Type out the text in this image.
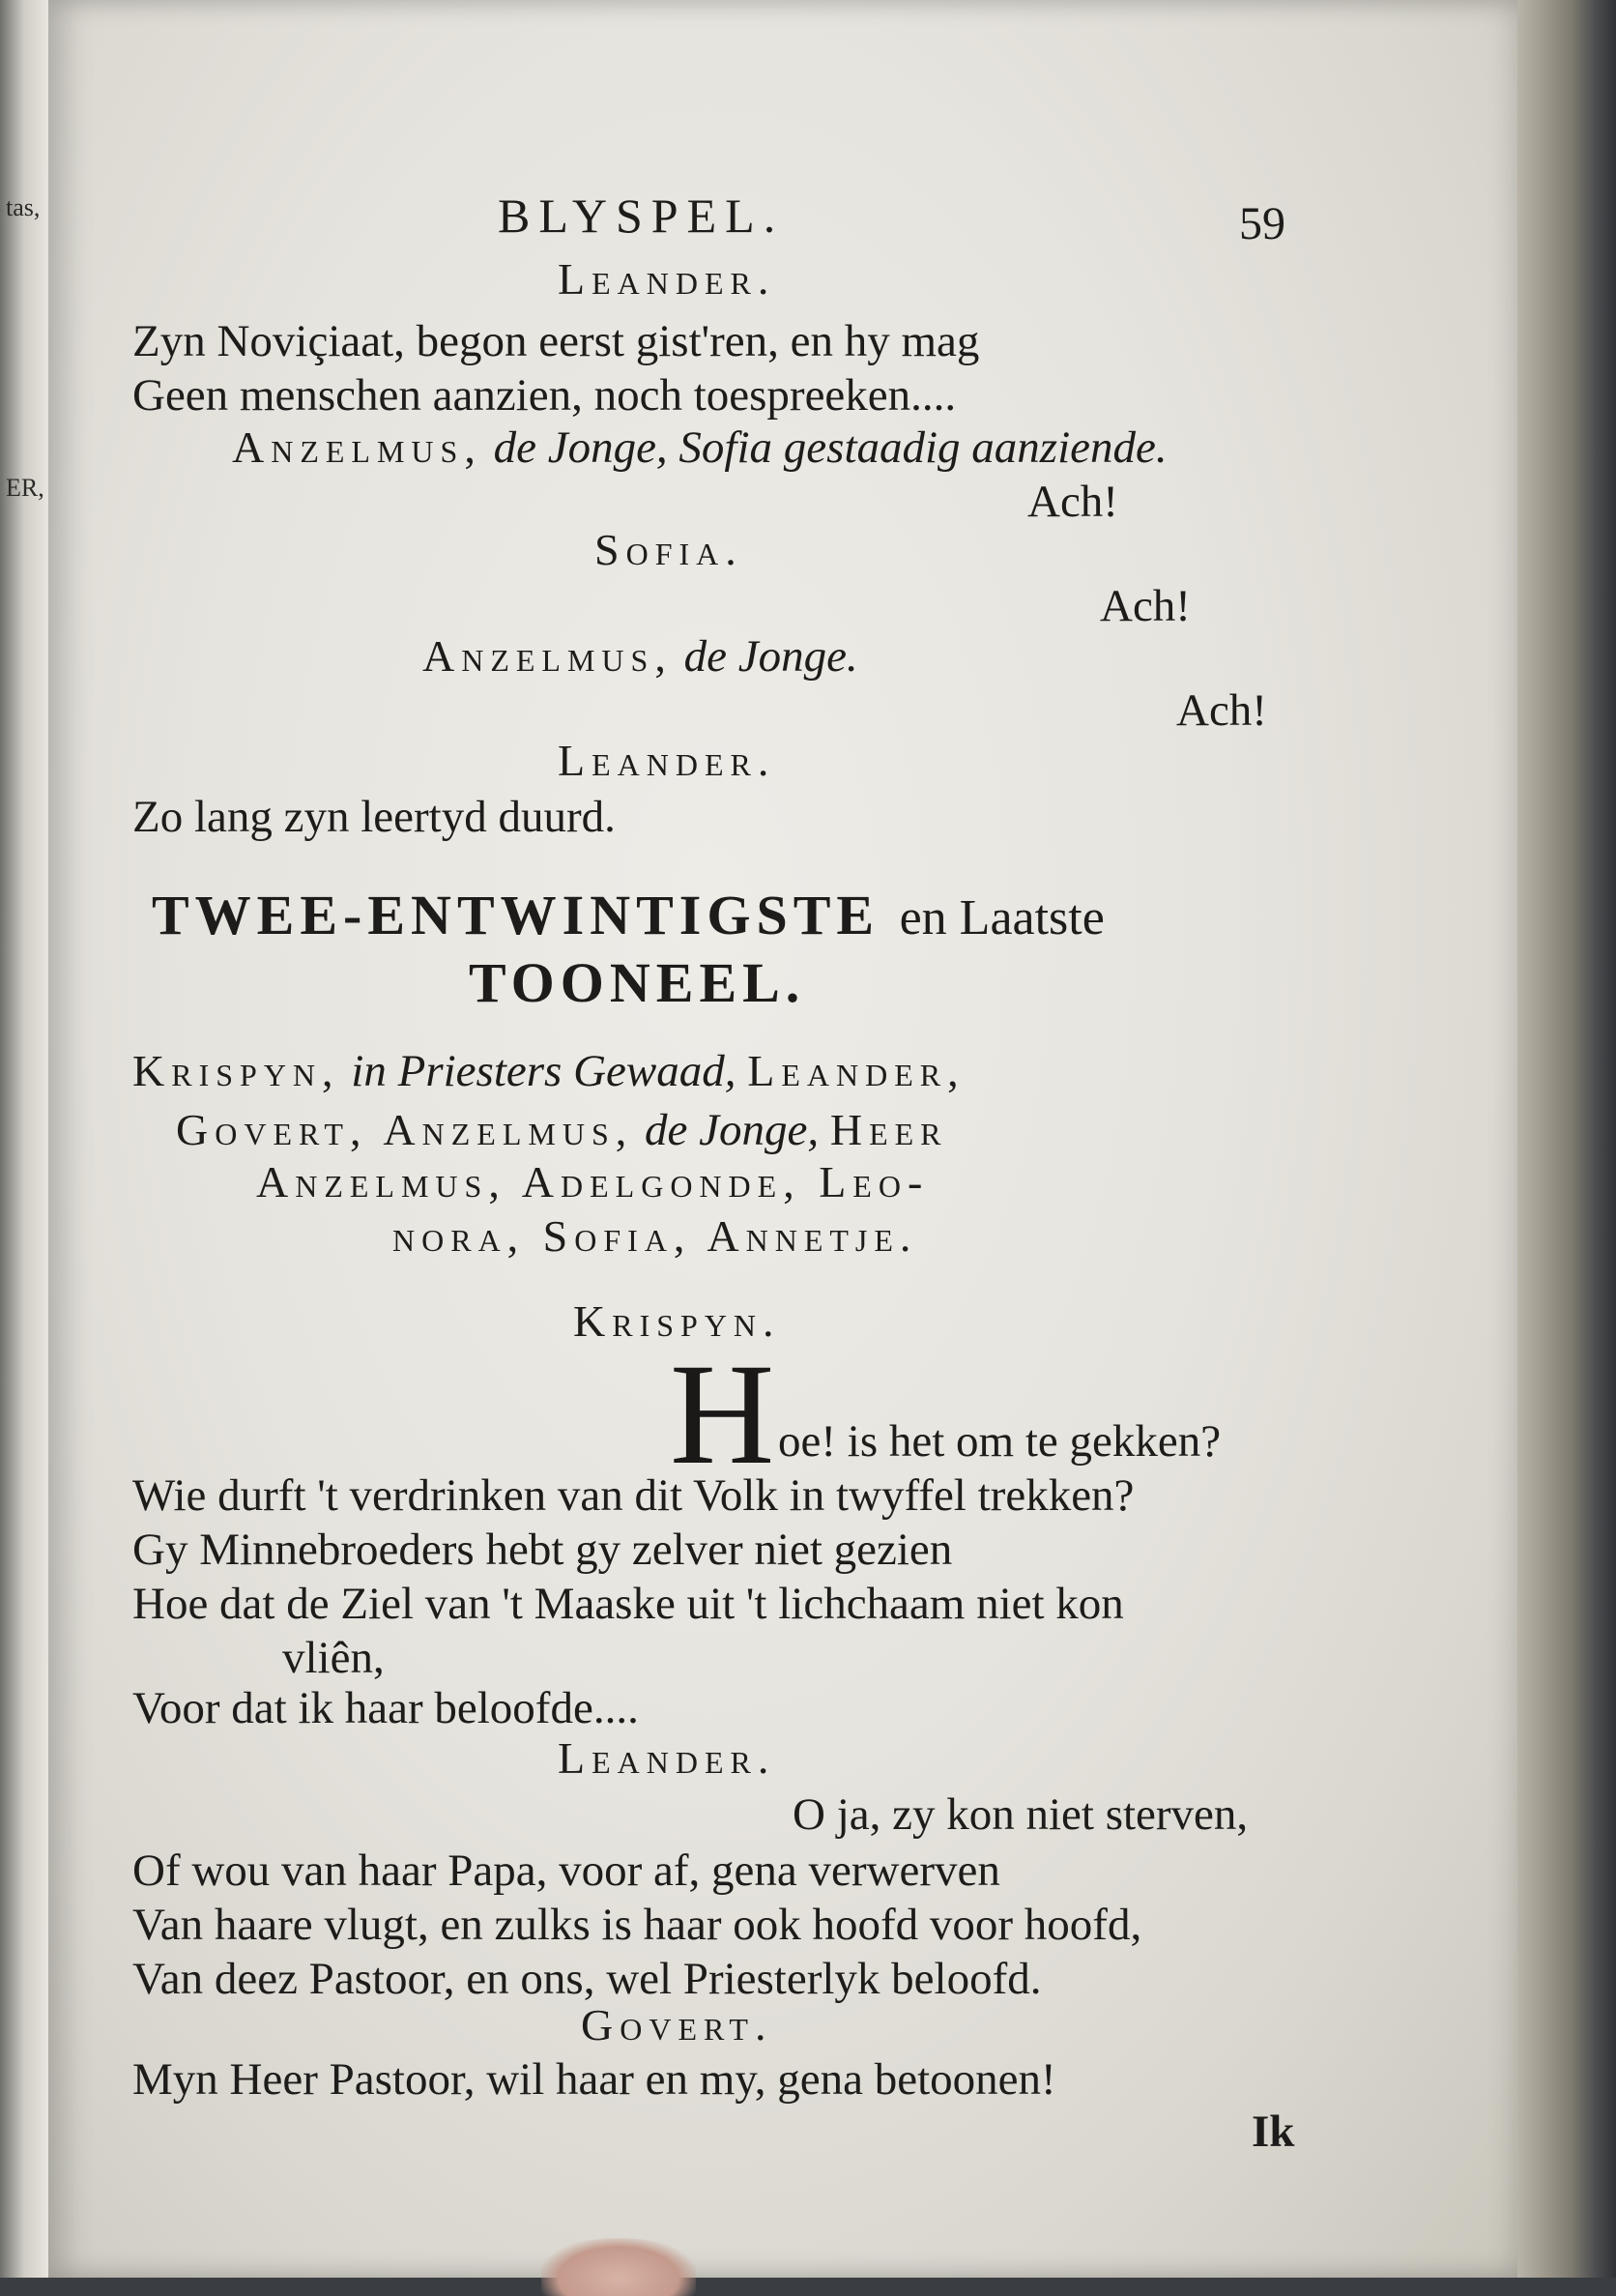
tas,
ER,
BLYSPEL.	59
Leander.
Zyn Noviçiaat, begon eerst gist'ren, en hy mag
Geen menschen aanzien, noch toespreeken....
Anzelmus, de Jonge, Sofia gestaadig aanziende.
Ach!
Sofia.
Ach!
Anzelmus, de Jonge.
Ach!
Leander.
Zo lang zyn leertyd duurd.
TWEE-ENTWINTIGSTE en Laatste
TOONEEL.
Krispyn, in Priesters Gewaad, Leander,
Govert, Anzelmus, de Jonge, Heer
Anzelmus, Adelgonde, Leo-
nora, Sofia, Annetje.
Krispyn.
H oe! is het om te gekken?
Wie durft 't verdrinken van dit Volk in twyffel trekken?
Gy Minnebroeders hebt gy zelver niet gezien
Hoe dat de Ziel van 't Maaske uit 't lichchaam niet kon
vliên,
Voor dat ik haar beloofde....
Leander.
O ja, zy kon niet sterven,
Of wou van haar Papa, voor af, gena verwerven
Van haare vlugt, en zulks is haar ook hoofd voor hoofd,
Van deez Pastoor, en ons, wel Priesterlyk beloofd.
Govert.
Myn Heer Pastoor, wil haar en my, gena betoonen!
Ik
